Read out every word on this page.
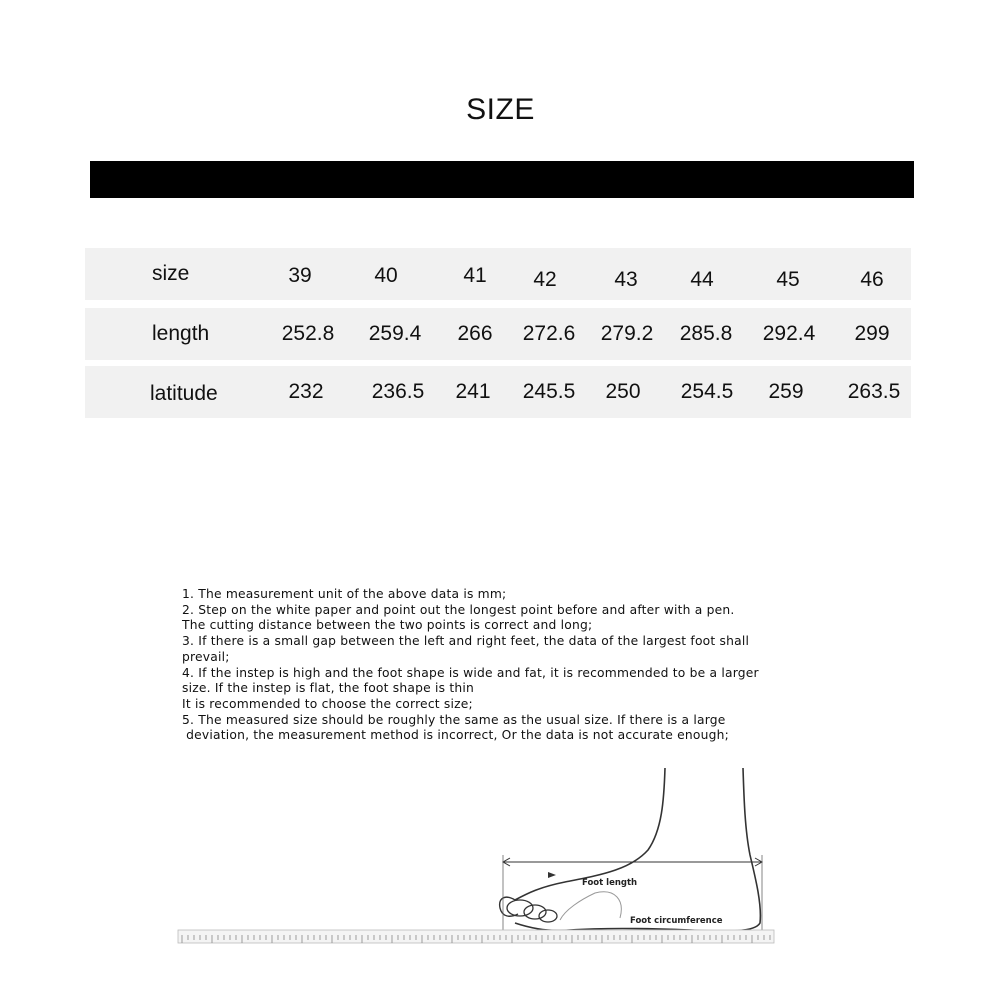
SIZE
size	39	40	41	42	43	44	45	46
length	252.8	259.4	266	272.6	279.2	285.8	292.4	299
latitude	232	236.5	241	245.5	250	254.5	259	263.5
1. The measurement unit of the above data is mm;
2. Step on the white paper and point out the longest point before and after with a pen.
The cutting distance between the two points is correct and long;
3. If there is a small gap between the left and right feet, the data of the largest foot shall
prevail;
4. If the instep is high and the foot shape is wide and fat, it is recommended to be a larger
size. If the instep is flat, the foot shape is thin
It is recommended to choose the correct size;
5. The measured size should be roughly the same as the usual size. If there is a large
deviation, the measurement method is incorrect, Or the data is not accurate enough;
Foot length
Foot circumference
